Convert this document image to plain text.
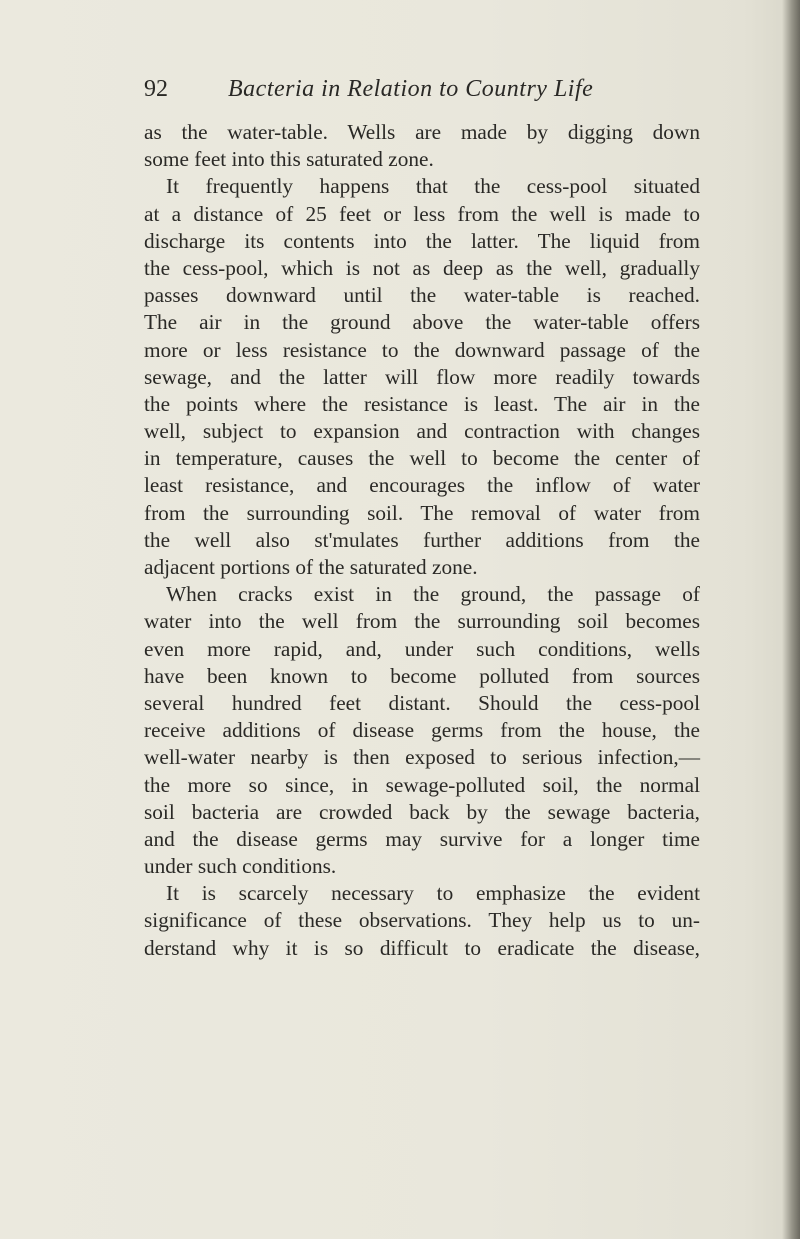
92	Bacteria in Relation to Country Life
as the water-table. Wells are made by digging down
some feet into this saturated zone.
It frequently happens that the cess-pool situated
at a distance of 25 feet or less from the well is made to
discharge its contents into the latter. The liquid from
the cess-pool, which is not as deep as the well, gradually
passes downward until the water-table is reached.
The air in the ground above the water-table offers
more or less resistance to the downward passage of the
sewage, and the latter will flow more readily towards
the points where the resistance is least. The air in the
well, subject to expansion and contraction with changes
in temperature, causes the well to become the center of
least resistance, and encourages the inflow of water
from the surrounding soil. The removal of water from
the well also st'mulates further additions from the
adjacent portions of the saturated zone.
When cracks exist in the ground, the passage of
water into the well from the surrounding soil becomes
even more rapid, and, under such conditions, wells
have been known to become polluted from sources
several hundred feet distant. Should the cess-pool
receive additions of disease germs from the house, the
well-water nearby is then exposed to serious infection,—
the more so since, in sewage-polluted soil, the normal
soil bacteria are crowded back by the sewage bacteria,
and the disease germs may survive for a longer time
under such conditions.
It is scarcely necessary to emphasize the evident
significance of these observations. They help us to un-
derstand why it is so difficult to eradicate the disease,
